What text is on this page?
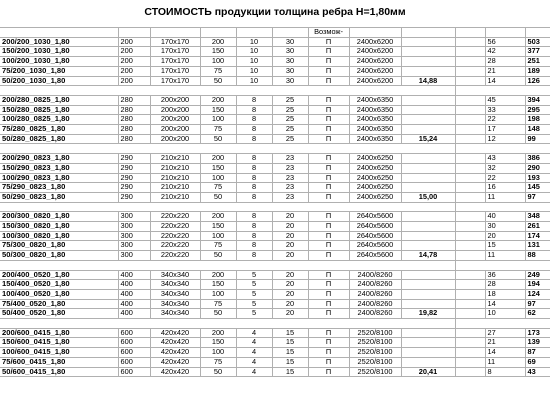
СТОИМОСТЬ продукции толщина ребра Н=1,80мм
						Возмож-					
200/200_1030_1,80	200	170x170	200	10	30	П	2400х6200			56	503
150/200_1030_1,80	200	170x170	150	10	30	П	2400х6200			42	377
100/200_1030_1,80	200	170x170	100	10	30	П	2400х6200			28	251
75/200_1030_1,80	200	170x170	75	10	30	П	2400х6200			21	189
50/200_1030_1,80	200	170x170	50	10	30	П	2400х6200	14,88		14	126

200/280_0825_1,80	280	200x200	200	8	25	П	2400х6350			45	394
150/280_0825_1,80	280	200x200	150	8	25	П	2400х6350			33	295
100/280_0825_1,80	280	200x200	100	8	25	П	2400х6350			22	198
75/280_0825_1,80	280	200x200	75	8	25	П	2400х6350			17	148
50/280_0825_1,80	280	200x200	50	8	25	П	2400х6350	15,24		12	99

200/290_0823_1,80	290	210x210	200	8	23	П	2400х6250			43	386
150/290_0823_1,80	290	210x210	150	8	23	П	2400х6250			32	290
100/290_0823_1,80	290	210x210	100	8	23	П	2400х6250			22	193
75/290_0823_1,80	290	210x210	75	8	23	П	2400х6250			16	145
50/290_0823_1,80	290	210x210	50	8	23	П	2400х6250	15,00		11	97

200/300_0820_1,80	300	220x220	200	8	20	П	2640х5600			40	348
150/300_0820_1,80	300	220x220	150	8	20	П	2640х5600			30	261
100/300_0820_1,80	300	220x220	100	8	20	П	2640х5600			20	174
75/300_0820_1,80	300	220x220	75	8	20	П	2640х5600			15	131
50/300_0820_1,80	300	220x220	50	8	20	П	2640х5600	14,78		11	88

200/400_0520_1,80	400	340x340	200	5	20	П	2400/8260			36	249
150/400_0520_1,80	400	340x340	150	5	20	П	2400/8260			28	194
100/400_0520_1,80	400	340x340	100	5	20	П	2400/8260			18	124
75/400_0520_1,80	400	340x340	75	5	20	П	2400/8260			14	97
50/400_0520_1,80	400	340x340	50	5	20	П	2400/8260	19,82		10	62

200/600_0415_1,80	600	420x420	200	4	15	П	2520/8100			27	173
150/600_0415_1,80	600	420x420	150	4	15	П	2520/8100			21	139
100/600_0415_1,80	600	420x420	100	4	15	П	2520/8100			14	87
75/600_0415_1,80	600	420x420	75	4	15	П	2520/8100			11	69
50/600_0415_1,80	600	420x420	50	4	15	П	2520/8100	20,41		8	43
